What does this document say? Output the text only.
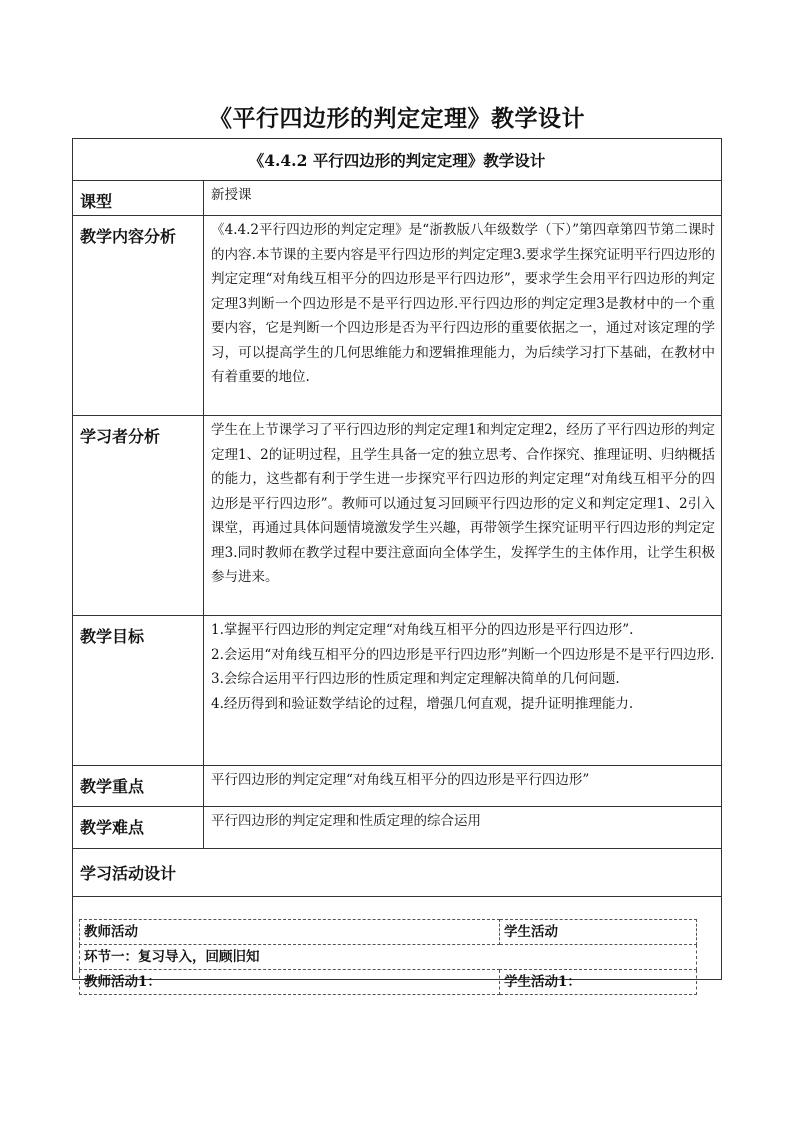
《平行四边形的判定定理》教学设计
《4.4.2 平行四边形的判定定理》教学设计

课型	新授课

教学内容分析	《4.4.2平行四边形的判定定理》是“浙教版八年级数学（下）”第四章第四节第二课时的内容.本节课的主要内容是平行四边形的判定定理3.要求学生探究证明平行四边形的判定定理“对角线互相平分的四边形是平行四边形”，要求学生会用平行四边形的判定定理3判断一个四边形是不是平行四边形.平行四边形的判定定理3是教材中的一个重要内容，它是判断一个四边形是否为平行四边形的重要依据之一，通过对该定理的学习，可以提高学生的几何思维能力和逻辑推理能力，为后续学习打下基础，在教材中有着重要的地位.

学习者分析	学生在上节课学习了平行四边形的判定定理1和判定定理2，经历了平行四边形的判定定理1、2的证明过程，且学生具备一定的独立思考、合作探究、推理证明、归纳概括的能力，这些都有利于学生进一步探究平行四边形的判定定理“对角线互相平分的四边形是平行四边形”。教师可以通过复习回顾平行四边形的定义和判定定理1、2引入课堂，再通过具体问题情境激发学生兴趣，再带领学生探究证明平行四边形的判定定理3.同时教师在教学过程中要注意面向全体学生，发挥学生的主体作用，让学生积极参与进来。

教学目标	1.掌握平行四边形的判定定理“对角线互相平分的四边形是平行四边形”.

2.会运用“对角线互相平分的四边形是平行四边形”判断一个四边形是不是平行四边形.

3.会综合运用平行四边形的性质定理和判定定理解决简单的几何问题.

4.经历得到和验证数学结论的过程，增强几何直观，提升证明推理能力.

教学重点	平行四边形的判定定理“对角线互相平分的四边形是平行四边形”

教学难点	平行四边形的判定定理和性质定理的综合运用

学习活动设计

教师活动	学生活动
环节一：复习导入，回顾旧知
教师活动1：	学生活动1：
